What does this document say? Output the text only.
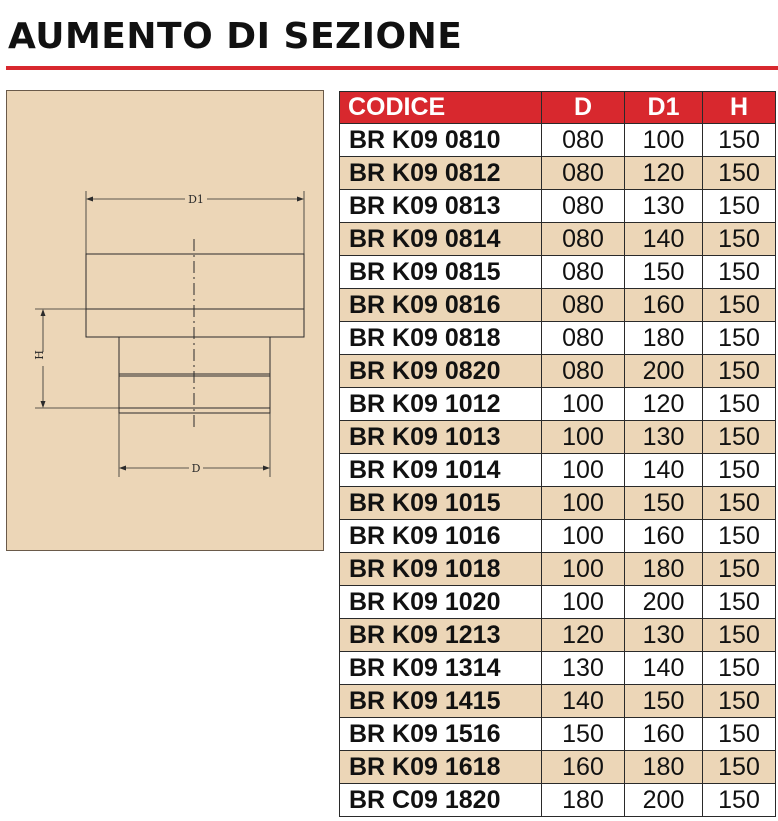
AUMENTO DI SEZIONE
D1
H
D
CODICE	D	D1	H
BR K09 0810	080	100	150
BR K09 0812	080	120	150
BR K09 0813	080	130	150
BR K09 0814	080	140	150
BR K09 0815	080	150	150
BR K09 0816	080	160	150
BR K09 0818	080	180	150
BR K09 0820	080	200	150
BR K09 1012	100	120	150
BR K09 1013	100	130	150
BR K09 1014	100	140	150
BR K09 1015	100	150	150
BR K09 1016	100	160	150
BR K09 1018	100	180	150
BR K09 1020	100	200	150
BR K09 1213	120	130	150
BR K09 1314	130	140	150
BR K09 1415	140	150	150
BR K09 1516	150	160	150
BR K09 1618	160	180	150
BR C09 1820	180	200	150
